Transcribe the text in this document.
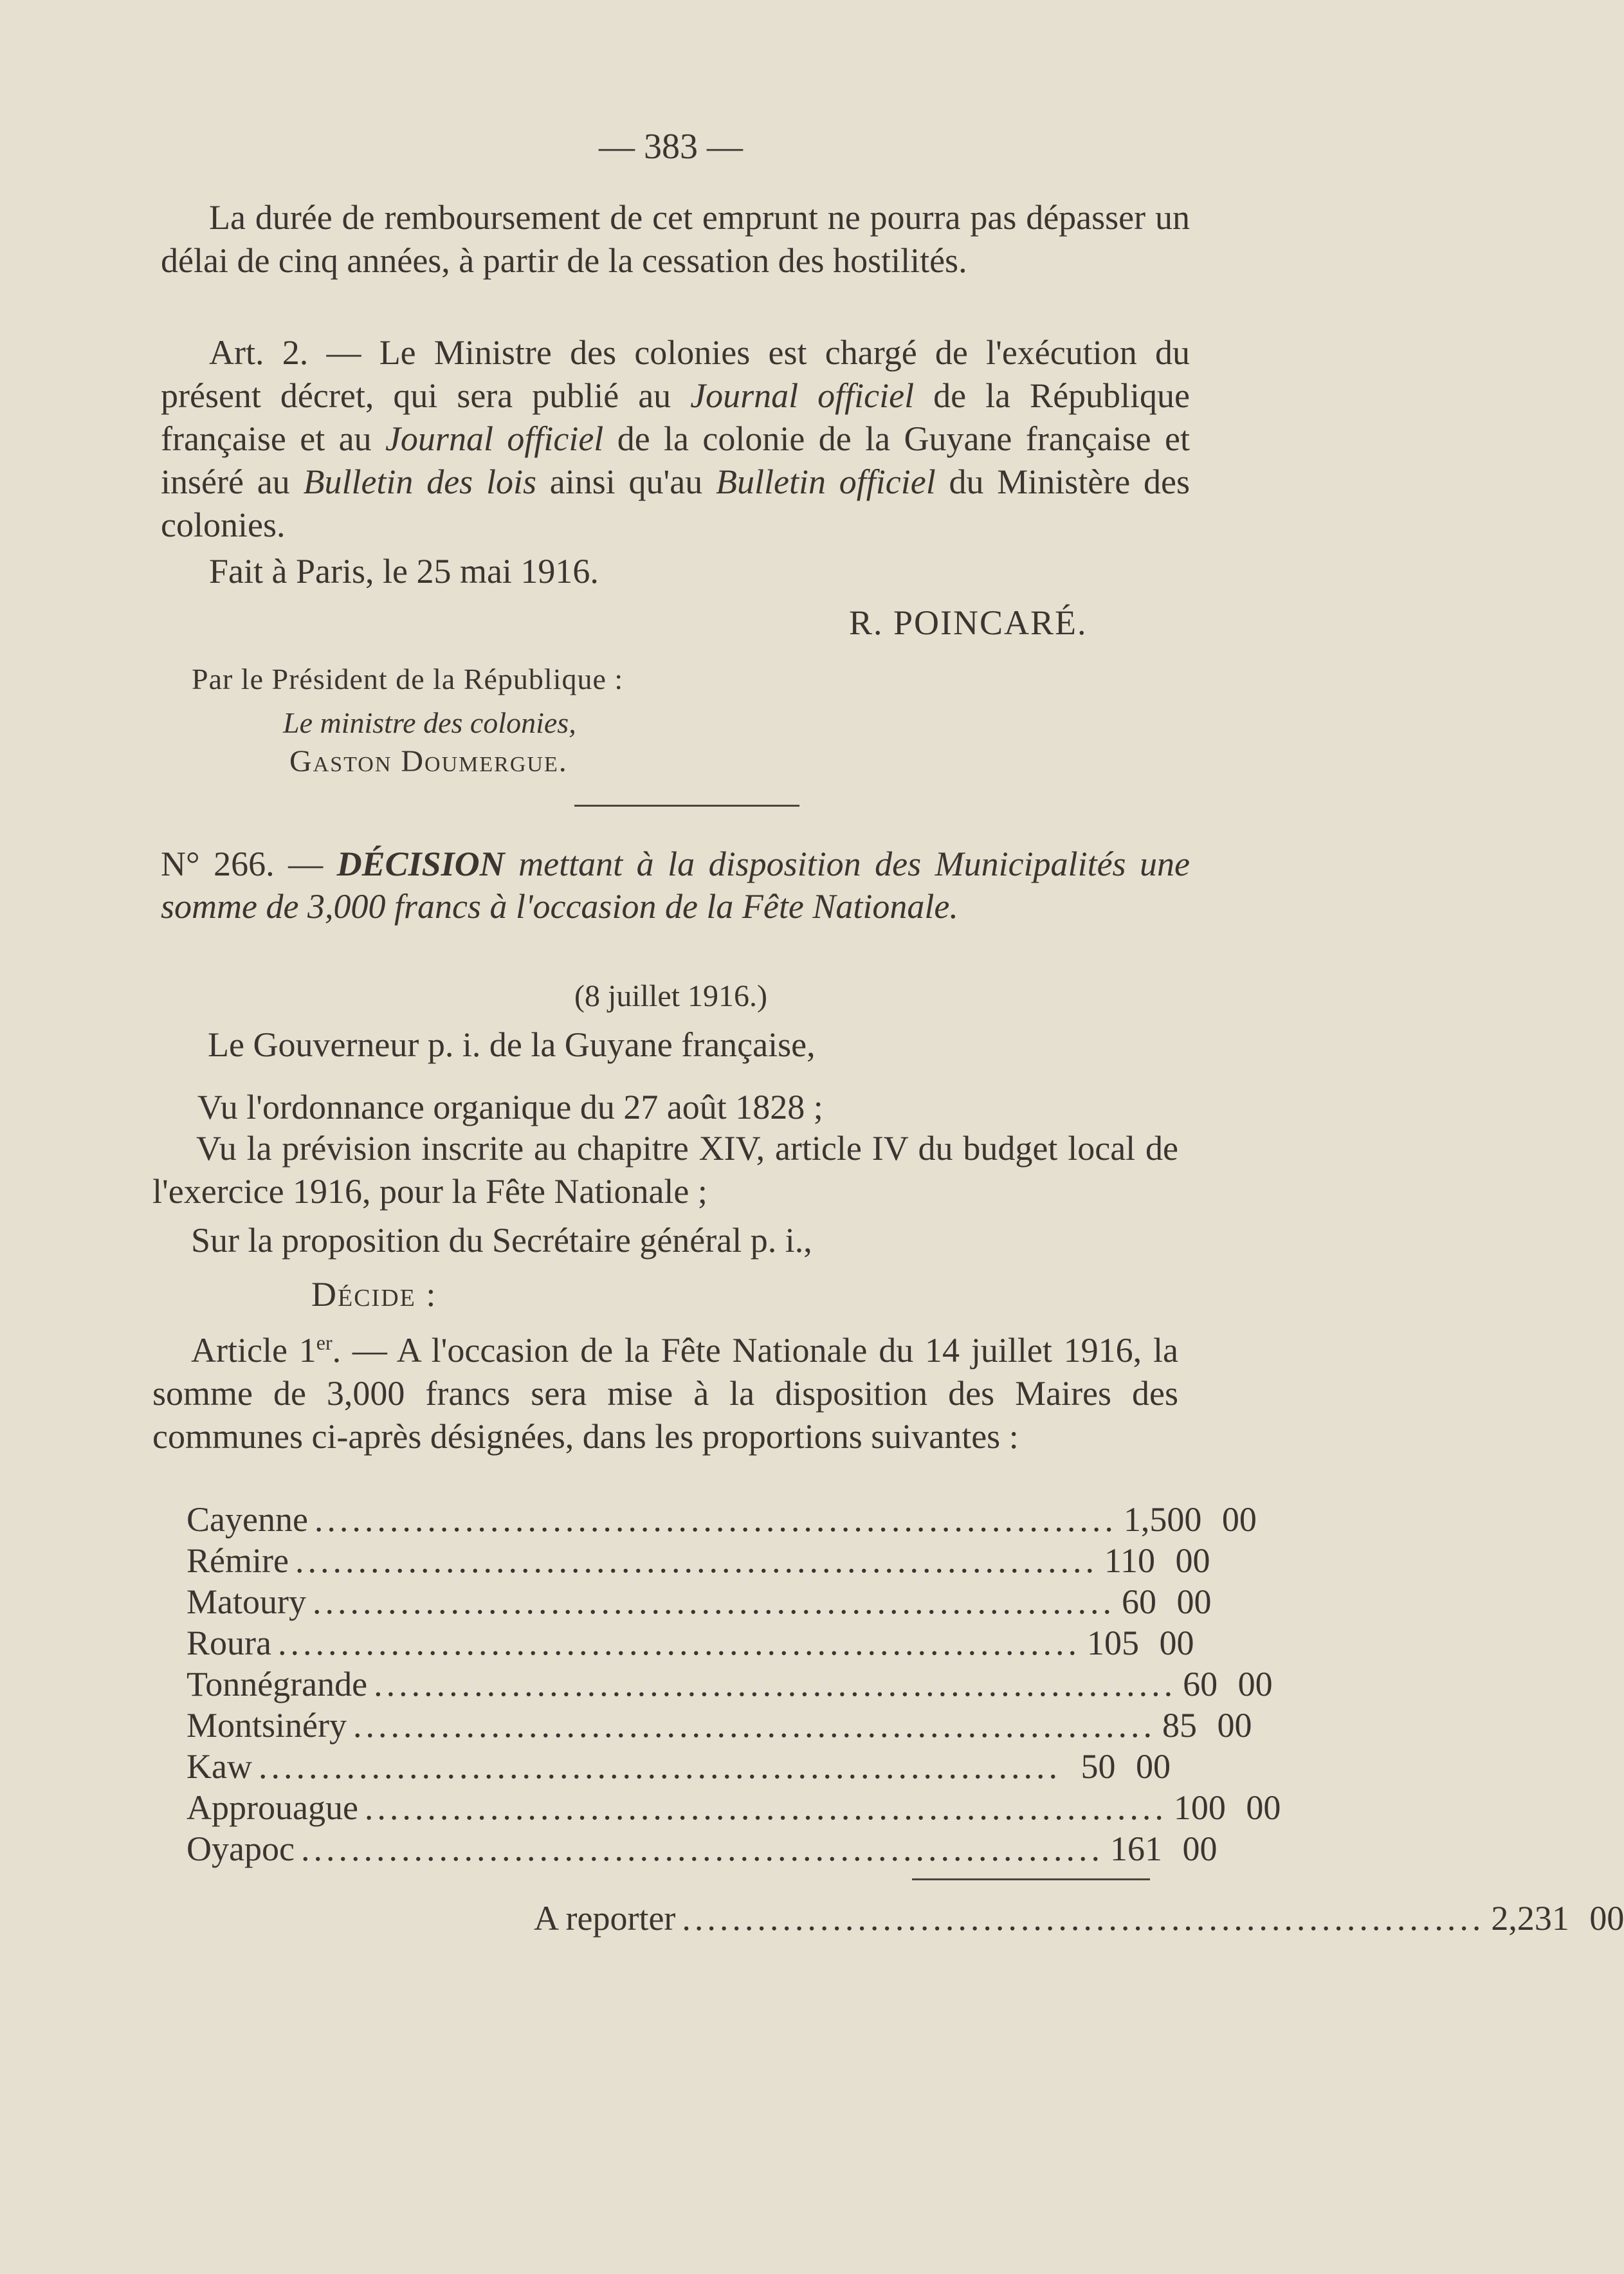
— 383 —
La durée de remboursement de cet emprunt ne pourra pas dépasser un délai de cinq années, à partir de la cessation des hostilités.
Art. 2. — Le Ministre des colonies est chargé de l'exécution du présent décret, qui sera publié au Journal officiel de la République française et au Journal officiel de la colonie de la Guyane française et inséré au Bulletin des lois ainsi qu'au Bulletin officiel du Ministère des colonies.
Fait à Paris, le 25 mai 1916.
R. POINCARÉ.
Par le Président de la République :
Le ministre des colonies,
Gaston Doumergue.
N° 266. — DÉCISION mettant à la disposition des Municipalités une somme de 3,000 francs à l'occasion de la Fête Nationale.
(8 juillet 1916.)
Le Gouverneur p. i. de la Guyane française,
Vu l'ordonnance organique du 27 août 1828 ;
Vu la prévision inscrite au chapitre XIV, article IV du budget local de l'exercice 1916, pour la Fête Nationale ;
Sur la proposition du Secrétaire général p. i.,
Décide :
Article 1er. — A l'occasion de la Fête Nationale du 14 juillet 1916, la somme de 3,000 francs sera mise à la disposition des Maires des communes ci-après désignées, dans les proportions suivantes :
Cayenne ................................................................ 1,500 00
Rémire ................................................................ 110 00
Matoury ................................................................ 60 00
Roura ................................................................ 105 00
Tonnégrande ................................................................ 60 00
Montsinéry ................................................................ 85 00
Kaw ................................................................ 50 00
Approuague ................................................................ 100 00
Oyapoc ................................................................ 161 00
A reporter ................................................................ 2,231 00
